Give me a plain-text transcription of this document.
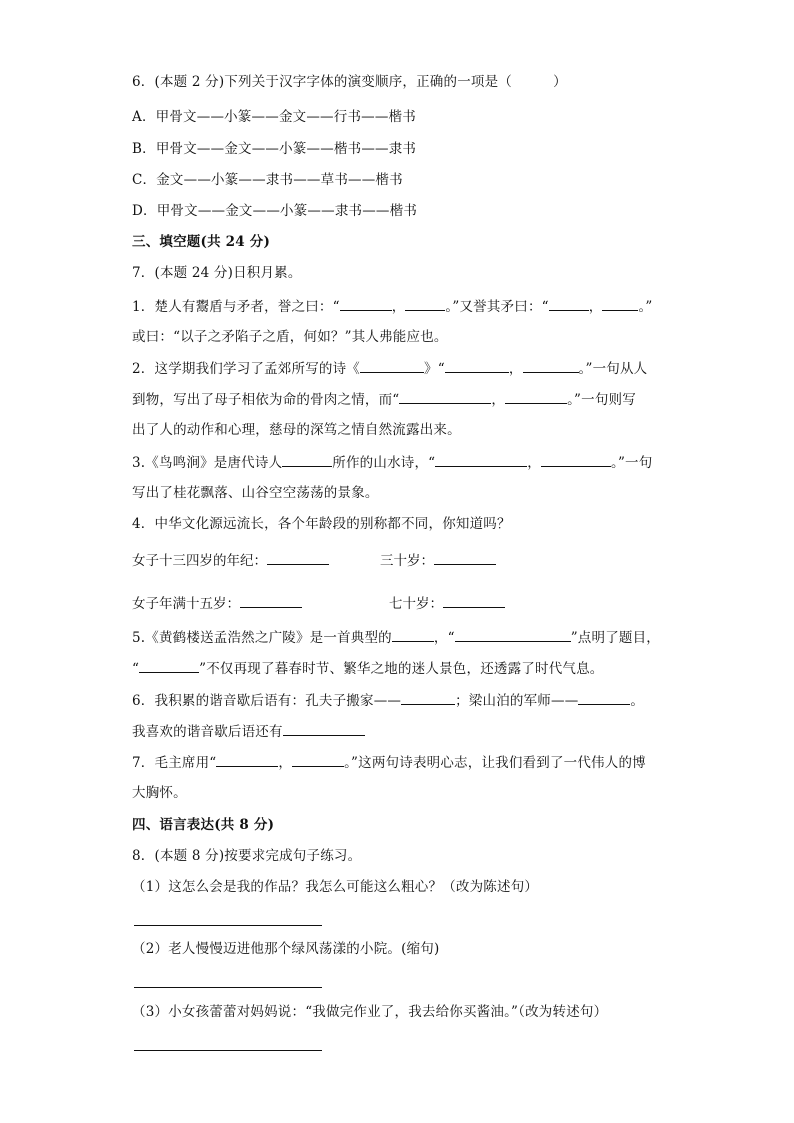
6．(本题 2 分)下列关于汉字字体的演变顺序，正确的一项是（　　　）
A．甲骨文——小篆——金文——行书——楷书
B．甲骨文——金文——小篆——楷书——隶书
C．金文——小篆——隶书——草书——楷书
D．甲骨文——金文——小篆——隶书——楷书
三、填空题(共 24 分)
7．(本题 24 分)日积月累。
1．楚人有鬻盾与矛者，誉之曰：“	，	。”又誉其矛曰：“	，	。”
或曰：“以子之矛陷子之盾，何如？”其人弗能应也。
2．这学期我们学习了孟郊所写的诗《	》“	，	。”一句从人
到物，写出了母子相依为命的骨肉之情，而“	，	。”一句则写
出了人的动作和心理，慈母的深笃之情自然流露出来。
3.《鸟鸣涧》是唐代诗人	所作的山水诗，“	，	。”一句
写出了桂花飘落、山谷空空荡荡的景象。
4．中华文化源远流长，各个年龄段的别称都不同，你知道吗？
女子十三四岁的年纪：	三十岁：
女子年满十五岁：	七十岁：
5.《黄鹤楼送孟浩然之广陵》是一首典型的	，“	”点明了题目，
“	”不仅再现了暮春时节、繁华之地的迷人景色，还透露了时代气息。
6．我积累的谐音歇后语有：孔夫子搬家——	；梁山泊的军师——	。
我喜欢的谐音歇后语还有
7．毛主席用“	，	。”这两句诗表明心志，让我们看到了一代伟人的博
大胸怀。
四、语言表达(共 8 分)
8．(本题 8 分)按要求完成句子练习。
（1）这怎么会是我的作品？我怎么可能这么粗心？（改为陈述句）
（2）老人慢慢迈进他那个绿风荡漾的小院。(缩句)
（3）小女孩蕾蕾对妈妈说：“我做完作业了，我去给你买酱油。”（改为转述句）
